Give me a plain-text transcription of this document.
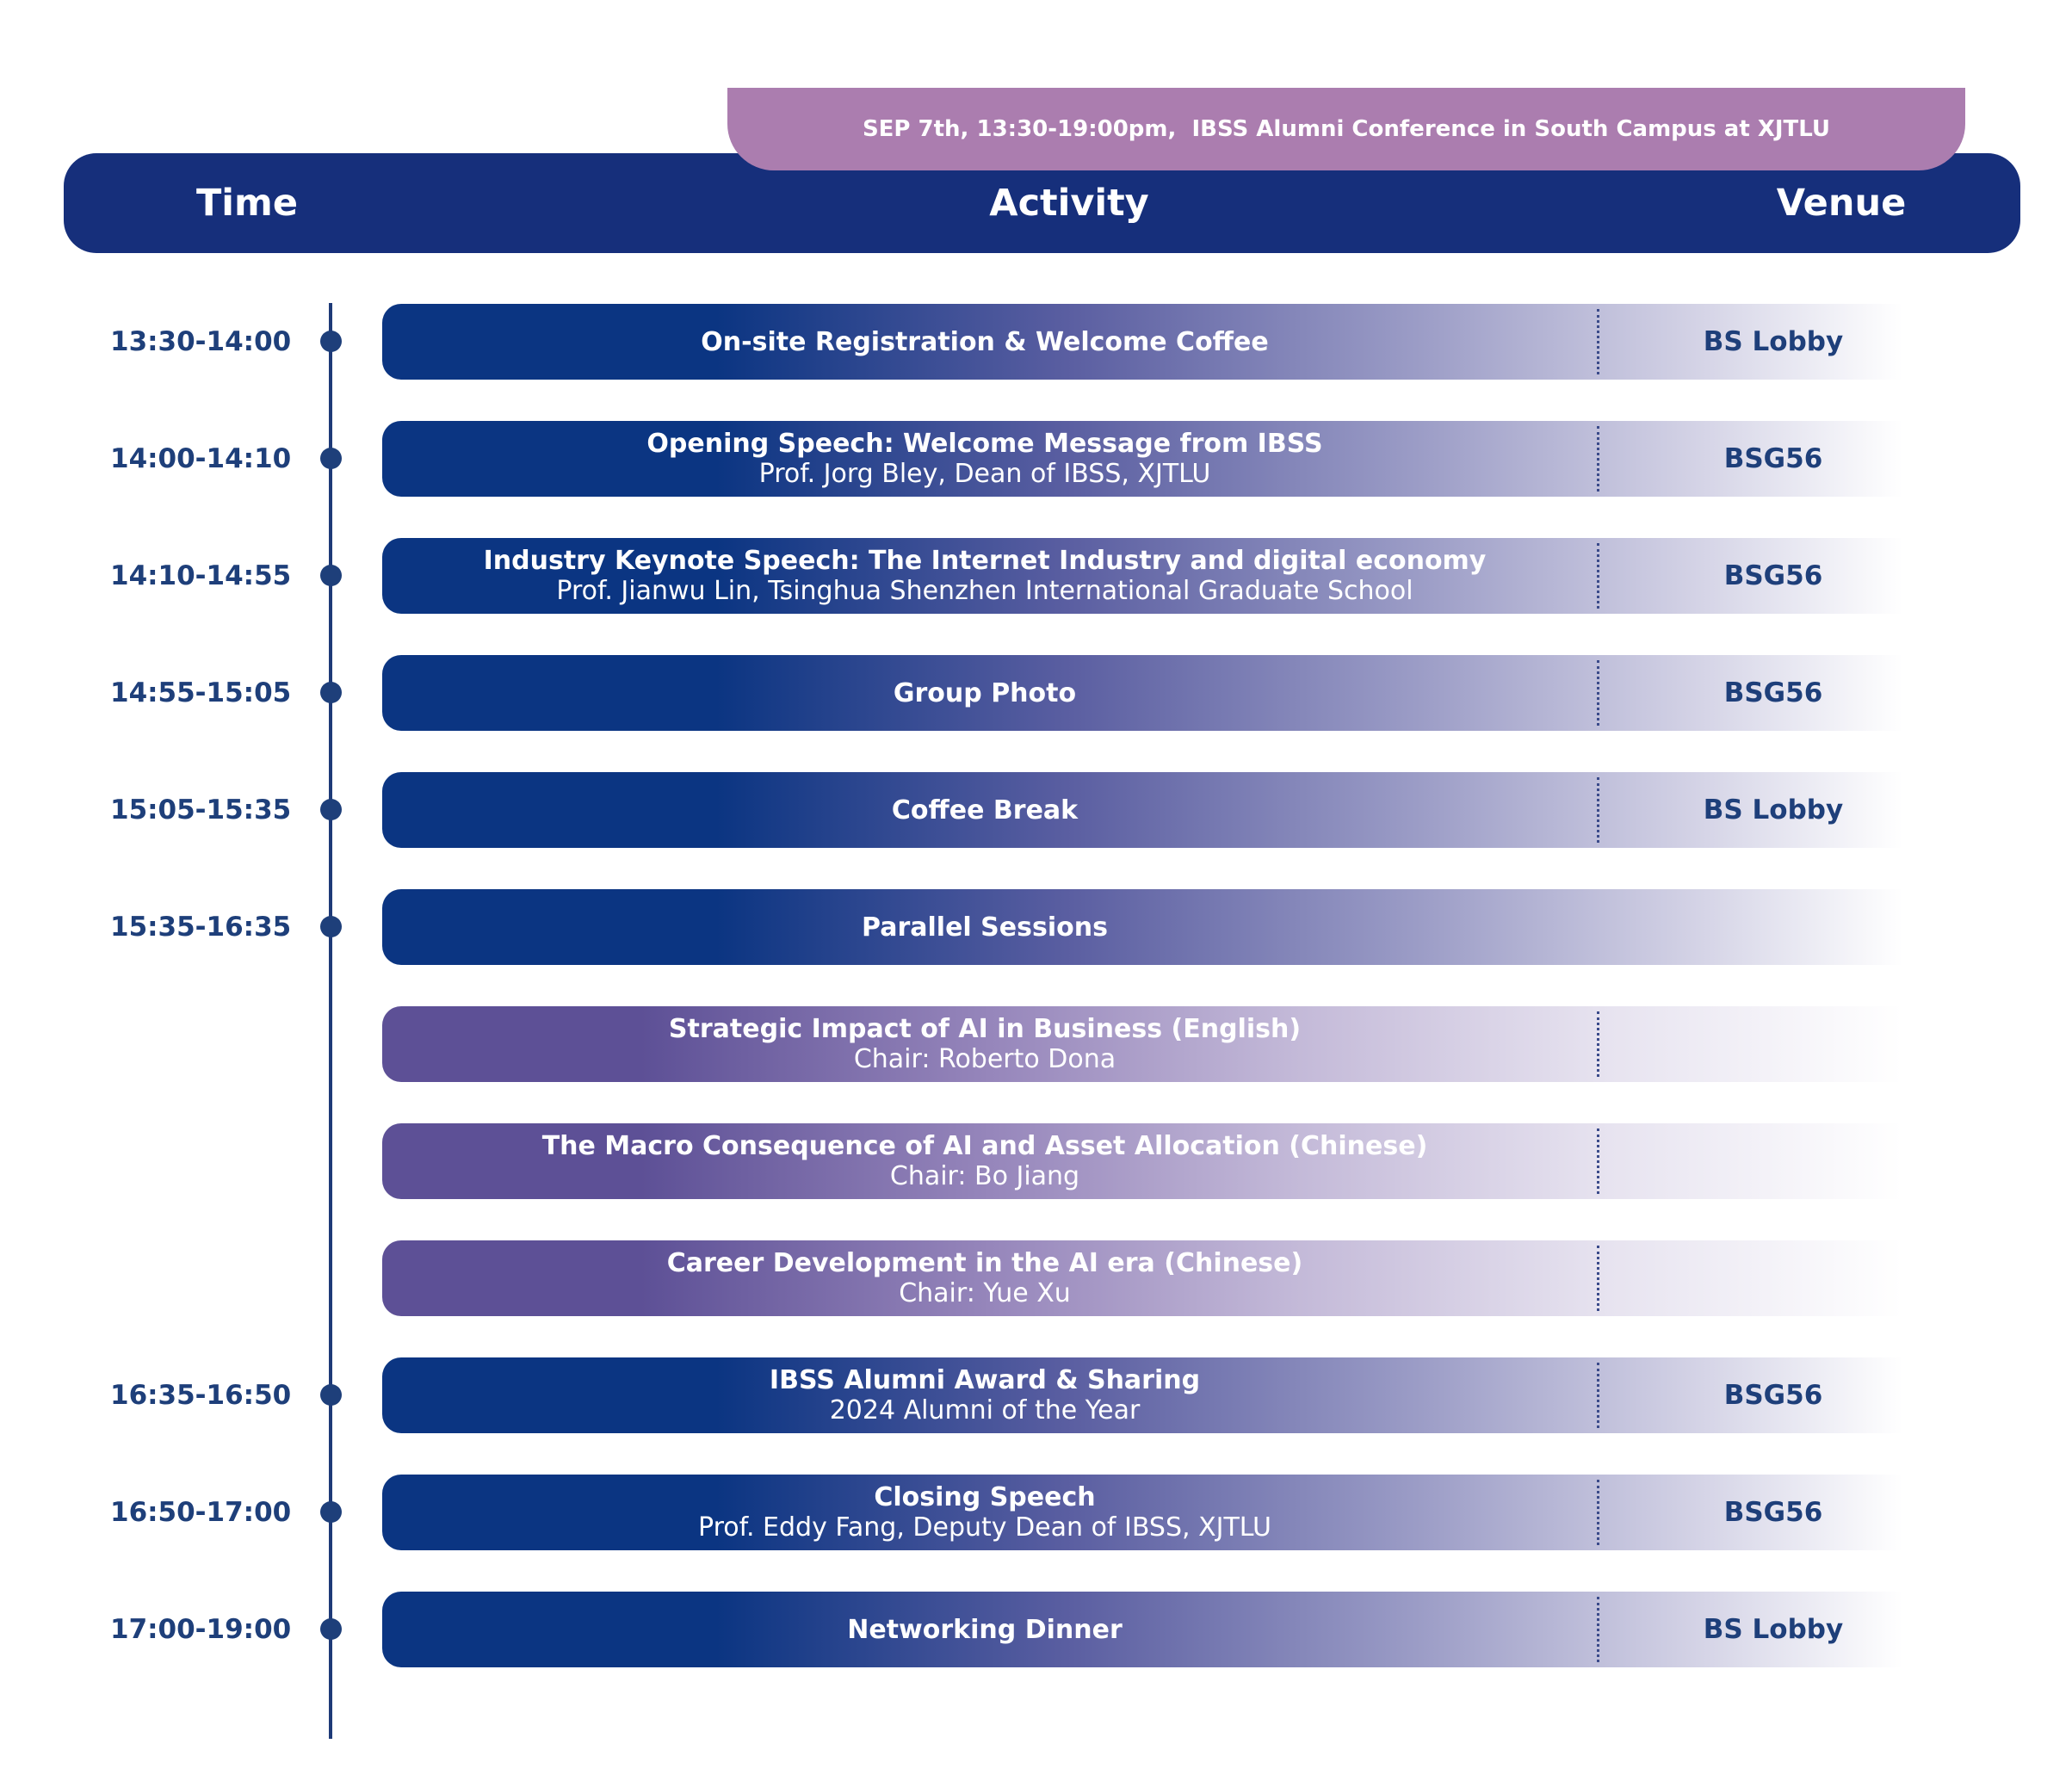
SEP 7th, 13:30-19:00pm,  IBSS Alumni Conference in South Campus at XJTLU
Time	Activity	Venue
13:30-14:00	On-site Registration & Welcome Coffee	BS Lobby
14:00-14:10	Opening Speech: Welcome Message from IBSS
Prof. Jorg Bley, Dean of IBSS, XJTLU	BSG56
14:10-14:55	Industry Keynote Speech: The Internet Industry and digital economy
Prof. Jianwu Lin, Tsinghua Shenzhen International Graduate School	BSG56
14:55-15:05	Group Photo	BSG56
15:05-15:35	Coffee Break	BS Lobby
15:35-16:35	Parallel Sessions
Strategic Impact of AI in Business (English)
Chair: Roberto Dona
The Macro Consequence of AI and Asset Allocation (Chinese)
Chair: Bo Jiang
Career Development in the AI era (Chinese)
Chair: Yue Xu
16:35-16:50	IBSS Alumni Award & Sharing
2024 Alumni of the Year	BSG56
16:50-17:00	Closing Speech
Prof. Eddy Fang, Deputy Dean of IBSS, XJTLU	BSG56
17:00-19:00	Networking Dinner	BS Lobby
